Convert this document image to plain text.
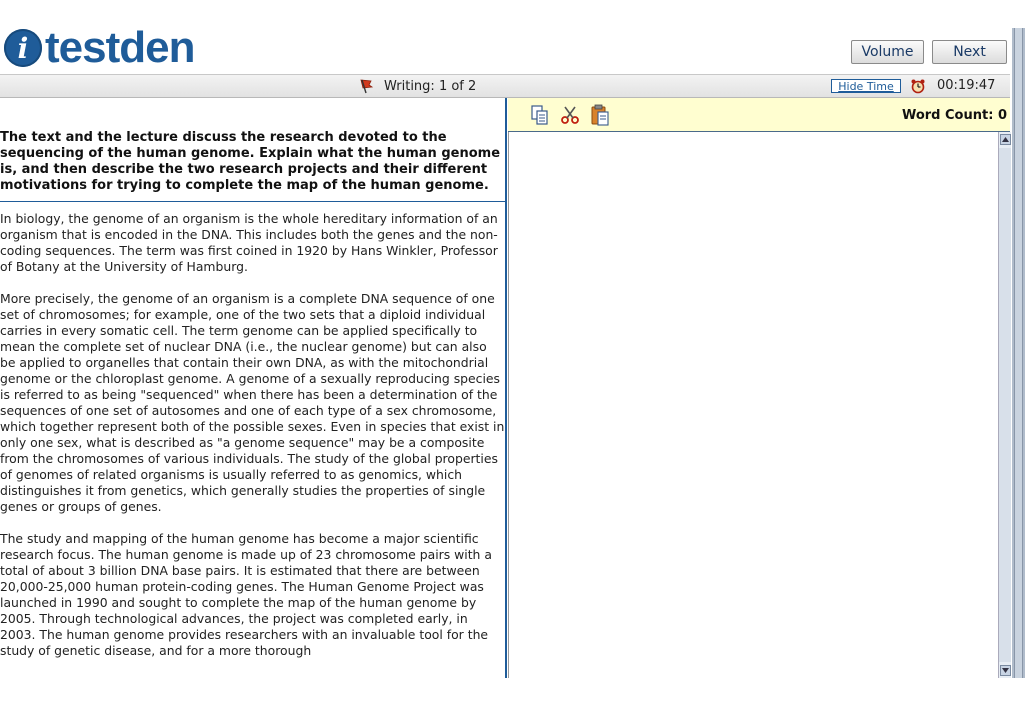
i testden	Volume	Next
Writing: 1 of 2	Hide Time	00:19:47
The text and the lecture discuss the research devoted to the sequencing of the human genome. Explain what the human genome is, and then describe the two research projects and their different motivations for trying to complete the map of the human genome.

In biology, the genome of an organism is the whole hereditary information of an organism that is encoded in the DNA. This includes both the genes and the non-coding sequences. The term was first coined in 1920 by Hans Winkler, Professor of Botany at the University of Hamburg.

More precisely, the genome of an organism is a complete DNA sequence of one set of chromosomes; for example, one of the two sets that a diploid individual carries in every somatic cell. The term genome can be applied specifically to mean the complete set of nuclear DNA (i.e., the nuclear genome) but can also be applied to organelles that contain their own DNA, as with the mitochondrial genome or the chloroplast genome. A genome of a sexually reproducing species is referred to as being "sequenced" when there has been a determination of the sequences of one set of autosomes and one of each type of a sex chromosome, which together represent both of the possible sexes. Even in species that exist in only one sex, what is described as "a genome sequence" may be a composite from the chromosomes of various individuals. The study of the global properties of genomes of related organisms is usually referred to as genomics, which distinguishes it from genetics, which generally studies the properties of single genes or groups of genes.

The study and mapping of the human genome has become a major scientific research focus. The human genome is made up of 23 chromosome pairs with a total of about 3 billion DNA base pairs. It is estimated that there are between 20,000-25,000 human protein-coding genes. The Human Genome Project was launched in 1990 and sought to complete the map of the human genome by 2005. Through technological advances, the project was completed early, in 2003. The human genome provides researchers with an invaluable tool for the study of genetic disease, and for a more thorough

Word Count: 0
